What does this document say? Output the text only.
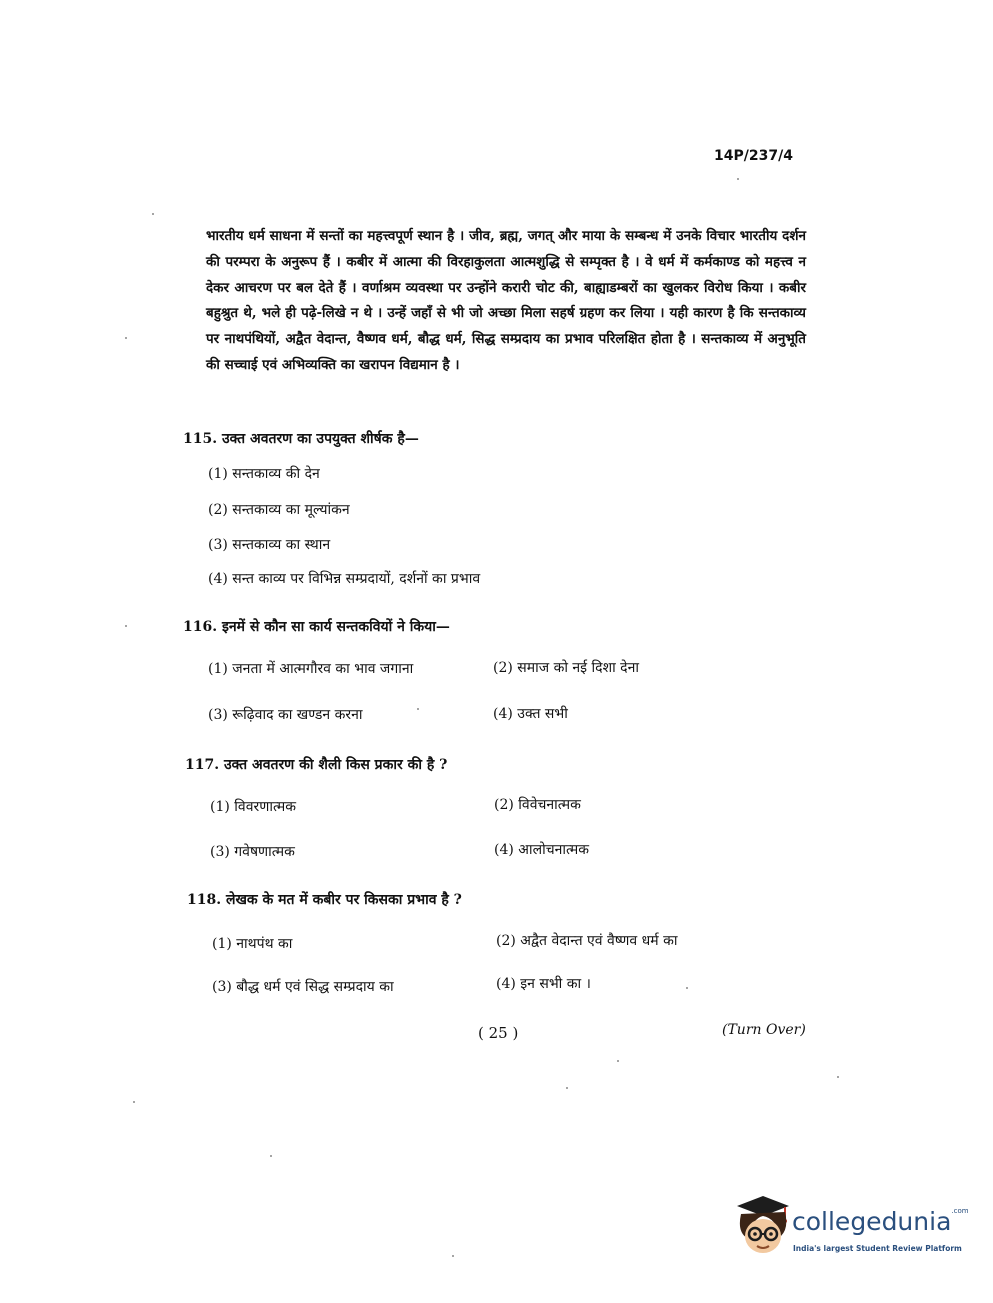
14P/237/4
भारतीय धर्म साधना में सन्तों का महत्त्वपूर्ण स्थान है । जीव, ब्रह्म, जगत् और माया के सम्बन्ध में उनके विचार भारतीय दर्शन की परम्परा के अनुरूप हैं । कबीर में आत्मा की विरहाकुलता आत्मशुद्धि से सम्पृक्त है । वे धर्म में कर्मकाण्ड को महत्त्व न देकर आचरण पर बल देते हैं । वर्णाश्रम व्यवस्था पर उन्होंने करारी चोट की, बाह्याडम्बरों का खुलकर विरोध किया । कबीर बहुश्रुत थे, भले ही पढ़े-लिखे न थे । उन्हें जहाँ से भी जो अच्छा मिला सहर्ष ग्रहण कर लिया । यही कारण है कि सन्तकाव्य पर नाथपंथियों, अद्वैत वेदान्त, वैष्णव धर्म, बौद्ध धर्म, सिद्ध सम्प्रदाय का प्रभाव परिलक्षित होता है । सन्तकाव्य में अनुभूति की सच्चाई एवं अभिव्यक्ति का खरापन विद्यमान है ।
115. उक्त अवतरण का उपयुक्त शीर्षक है—
(1) सन्तकाव्य की देन
(2) सन्तकाव्य का मूल्यांकन
(3) सन्तकाव्य का स्थान
(4) सन्त काव्य पर विभिन्न सम्प्रदायों, दर्शनों का प्रभाव
116. इनमें से कौन सा कार्य सन्तकवियों ने किया—
(1) जनता में आत्मगौरव का भाव जगाना	(2) समाज को नई दिशा देना
(3) रूढ़िवाद का खण्डन करना	(4) उक्त सभी
117. उक्त अवतरण की शैली किस प्रकार की है ?
(1) विवरणात्मक	(2) विवेचनात्मक
(3) गवेषणात्मक	(4) आलोचनात्मक
118. लेखक के मत में कबीर पर किसका प्रभाव है ?
(1) नाथपंथ का	(2) अद्वैत वेदान्त एवं वैष्णव धर्म का
(3) बौद्ध धर्म एवं सिद्ध सम्प्रदाय का	(4) इन सभी का ।
( 25 )	(Turn Over)
collegedunia$^{.com}$
India's largest Student Review Platform
